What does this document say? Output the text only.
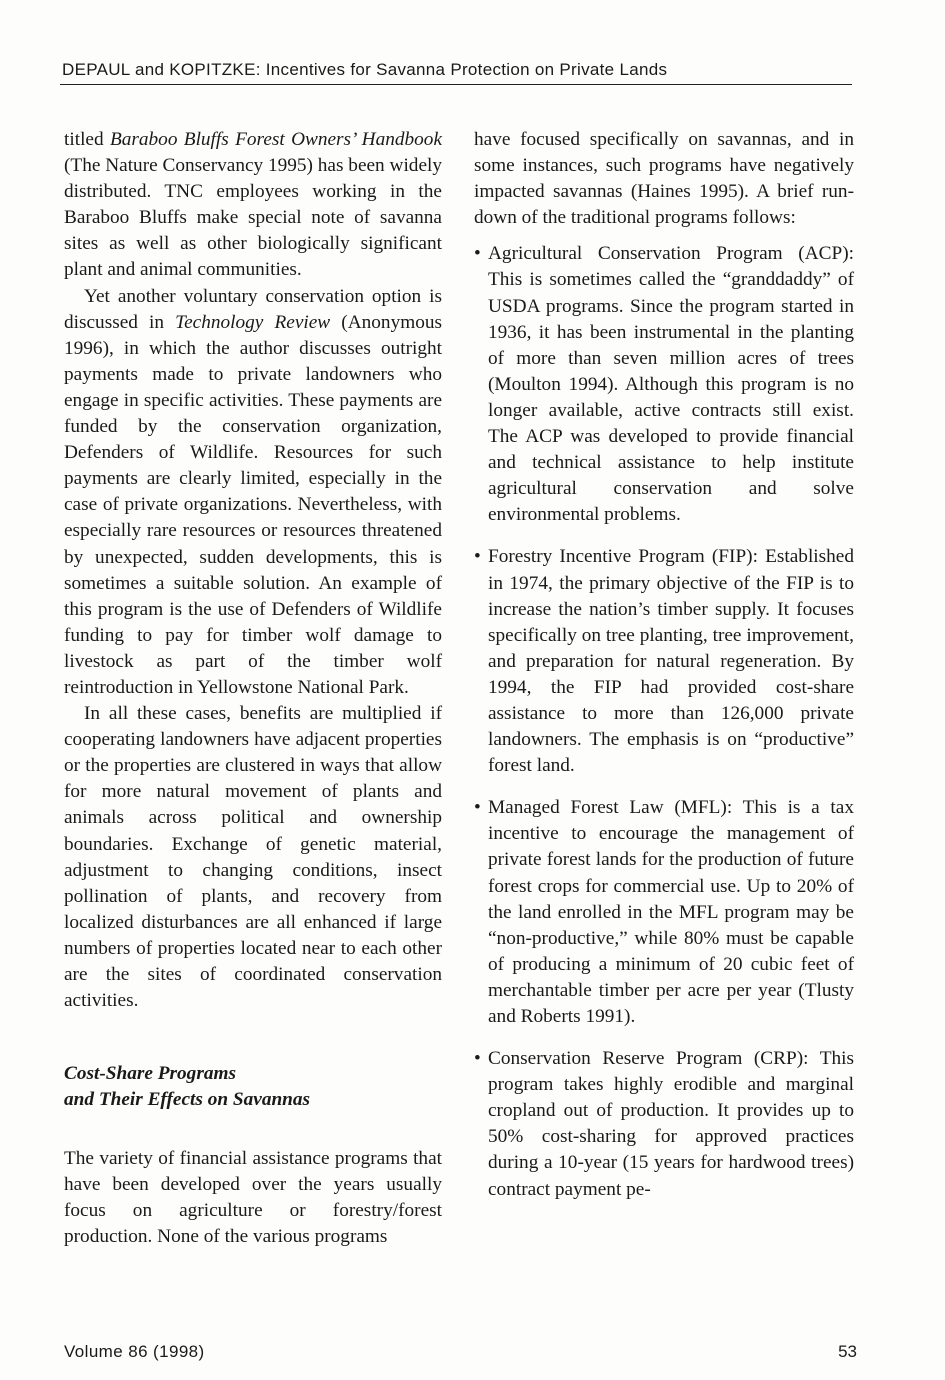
DEPAUL and KOPITZKE: Incentives for Savanna Protection on Private Lands

titled Baraboo Bluffs Forest Owners’ Handbook (The Nature Conservancy 1995) has been widely distributed. TNC employees working in the Baraboo Bluffs make special note of savanna sites as well as other biologically significant plant and animal communities.

Yet another voluntary conservation option is discussed in Technology Review (Anonymous 1996), in which the author discusses outright payments made to private landowners who engage in specific activities. These payments are funded by the conservation organization, Defenders of Wildlife. Resources for such payments are clearly limited, especially in the case of private organizations. Nevertheless, with especially rare resources or resources threatened by unexpected, sudden developments, this is sometimes a suitable solution. An example of this program is the use of Defenders of Wildlife funding to pay for timber wolf damage to livestock as part of the timber wolf reintroduction in Yellowstone National Park.

In all these cases, benefits are multiplied if cooperating landowners have adjacent properties or the properties are clustered in ways that allow for more natural movement of plants and animals across political and ownership boundaries. Exchange of genetic material, adjustment to changing conditions, insect pollination of plants, and recovery from localized disturbances are all enhanced if large numbers of properties located near to each other are the sites of coordinated conservation activities.

Cost-Share Programs
and Their Effects on Savannas

The variety of financial assistance programs that have been developed over the years usually focus on agriculture or forestry/forest production. None of the various programs

have focused specifically on savannas, and in some instances, such programs have negatively impacted savannas (Haines 1995). A brief run-down of the traditional programs follows:

• Agricultural Conservation Program (ACP): This is sometimes called the “granddaddy” of USDA programs. Since the program started in 1936, it has been instrumental in the planting of more than seven million acres of trees (Moulton 1994). Although this program is no longer available, active contracts still exist. The ACP was developed to provide financial and technical assistance to help institute agricultural conservation and solve environmental problems.
• Forestry Incentive Program (FIP): Established in 1974, the primary objective of the FIP is to increase the nation’s timber supply. It focuses specifically on tree planting, tree improvement, and preparation for natural regeneration. By 1994, the FIP had provided cost-share assistance to more than 126,000 private landowners. The emphasis is on “productive” forest land.
• Managed Forest Law (MFL): This is a tax incentive to encourage the management of private forest lands for the production of future forest crops for commercial use. Up to 20% of the land enrolled in the MFL program may be “non-productive,” while 80% must be capable of producing a minimum of 20 cubic feet of merchantable timber per acre per year (Tlusty and Roberts 1991).
• Conservation Reserve Program (CRP): This program takes highly erodible and marginal cropland out of production. It provides up to 50% cost-sharing for approved practices during a 10-year (15 years for hardwood trees) contract payment pe-
Volume 86 (1998)	53
